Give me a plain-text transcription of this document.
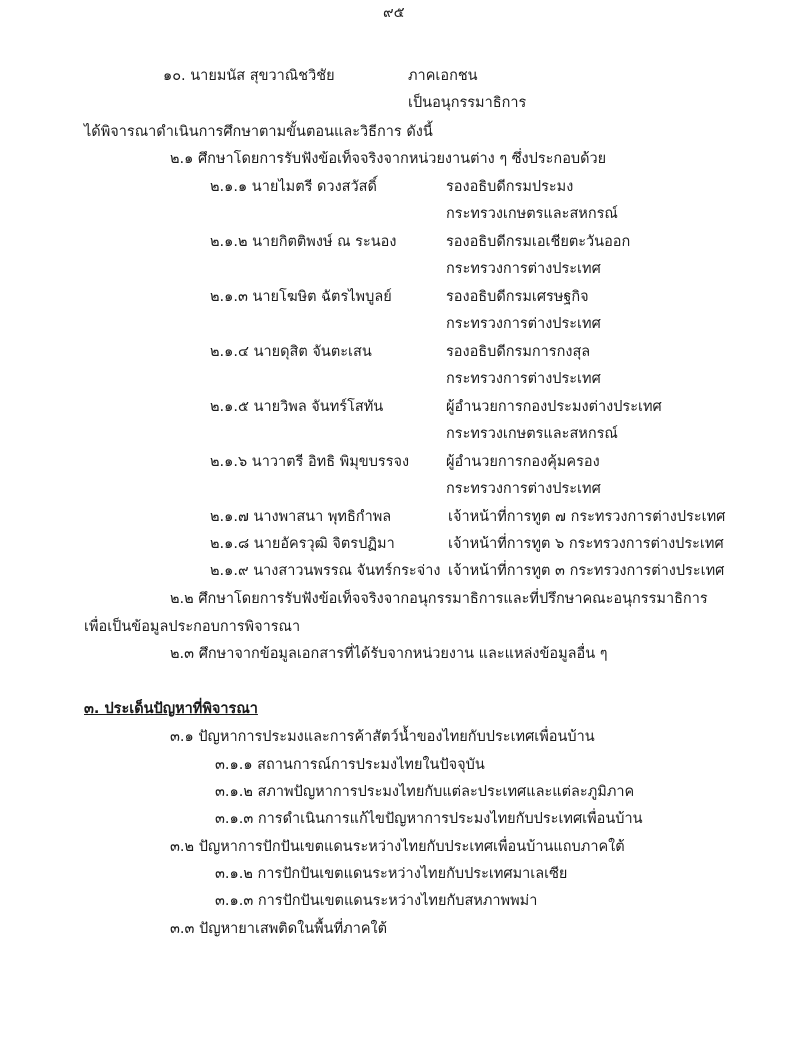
๙๕
๑๐. นายมนัส สุขวาณิชวิชัย	ภาคเอกชน
เป็นอนุกรรมาธิการ
ได้พิจารณาดำเนินการศึกษาตามขั้นตอนและวิธีการ ดังนี้
๒.๑ ศึกษาโดยการรับฟังข้อเท็จจริงจากหน่วยงานต่าง ๆ ซึ่งประกอบด้วย
๒.๑.๑ นายไมตรี ดวงสวัสดิ์	รองอธิบดีกรมประมง
กระทรวงเกษตรและสหกรณ์
๒.๑.๒ นายกิตติพงษ์ ณ ระนอง	รองอธิบดีกรมเอเชียตะวันออก
กระทรวงการต่างประเทศ
๒.๑.๓ นายโฆษิต ฉัตรไพบูลย์	รองอธิบดีกรมเศรษฐกิจ
กระทรวงการต่างประเทศ
๒.๑.๔ นายดุสิต จันตะเสน	รองอธิบดีกรมการกงสุล
กระทรวงการต่างประเทศ
๒.๑.๕ นายวิพล จันทร์โสทัน	ผู้อำนวยการกองประมงต่างประเทศ
กระทรวงเกษตรและสหกรณ์
๒.๑.๖ นาวาตรี อิทธิ พิมุขบรรจง	ผู้อำนวยการกองคุ้มครอง
กระทรวงการต่างประเทศ
๒.๑.๗ นางพาสนา พุทธิกำพล	เจ้าหน้าที่การทูต ๗ กระทรวงการต่างประเทศ
๒.๑.๘ นายอัครวุฒิ จิตรปฏิมา	เจ้าหน้าที่การทูต ๖ กระทรวงการต่างประเทศ
๒.๑.๙ นางสาวนพรรณ จันทร์กระจ่าง เจ้าหน้าที่การทูต ๓ กระทรวงการต่างประเทศ
๒.๒ ศึกษาโดยการรับฟังข้อเท็จจริงจากอนุกรรมาธิการและที่ปรึกษาคณะอนุกรรมาธิการ
เพื่อเป็นข้อมูลประกอบการพิจารณา
๒.๓ ศึกษาจากข้อมูลเอกสารที่ได้รับจากหน่วยงาน และแหล่งข้อมูลอื่น ๆ
๓. ประเด็นปัญหาที่พิจารณา
๓.๑ ปัญหาการประมงและการค้าสัตว์น้ำของไทยกับประเทศเพื่อนบ้าน
๓.๑.๑ สถานการณ์การประมงไทยในปัจจุบัน
๓.๑.๒ สภาพปัญหาการประมงไทยกับแต่ละประเทศและแต่ละภูมิภาค
๓.๑.๓ การดำเนินการแก้ไขปัญหาการประมงไทยกับประเทศเพื่อนบ้าน
๓.๒ ปัญหาการปักปันเขตแดนระหว่างไทยกับประเทศเพื่อนบ้านแถบภาคใต้
๓.๑.๒ การปักปันเขตแดนระหว่างไทยกับประเทศมาเลเซีย
๓.๑.๓ การปักปันเขตแดนระหว่างไทยกับสหภาพพม่า
๓.๓ ปัญหายาเสพติดในพื้นที่ภาคใต้
